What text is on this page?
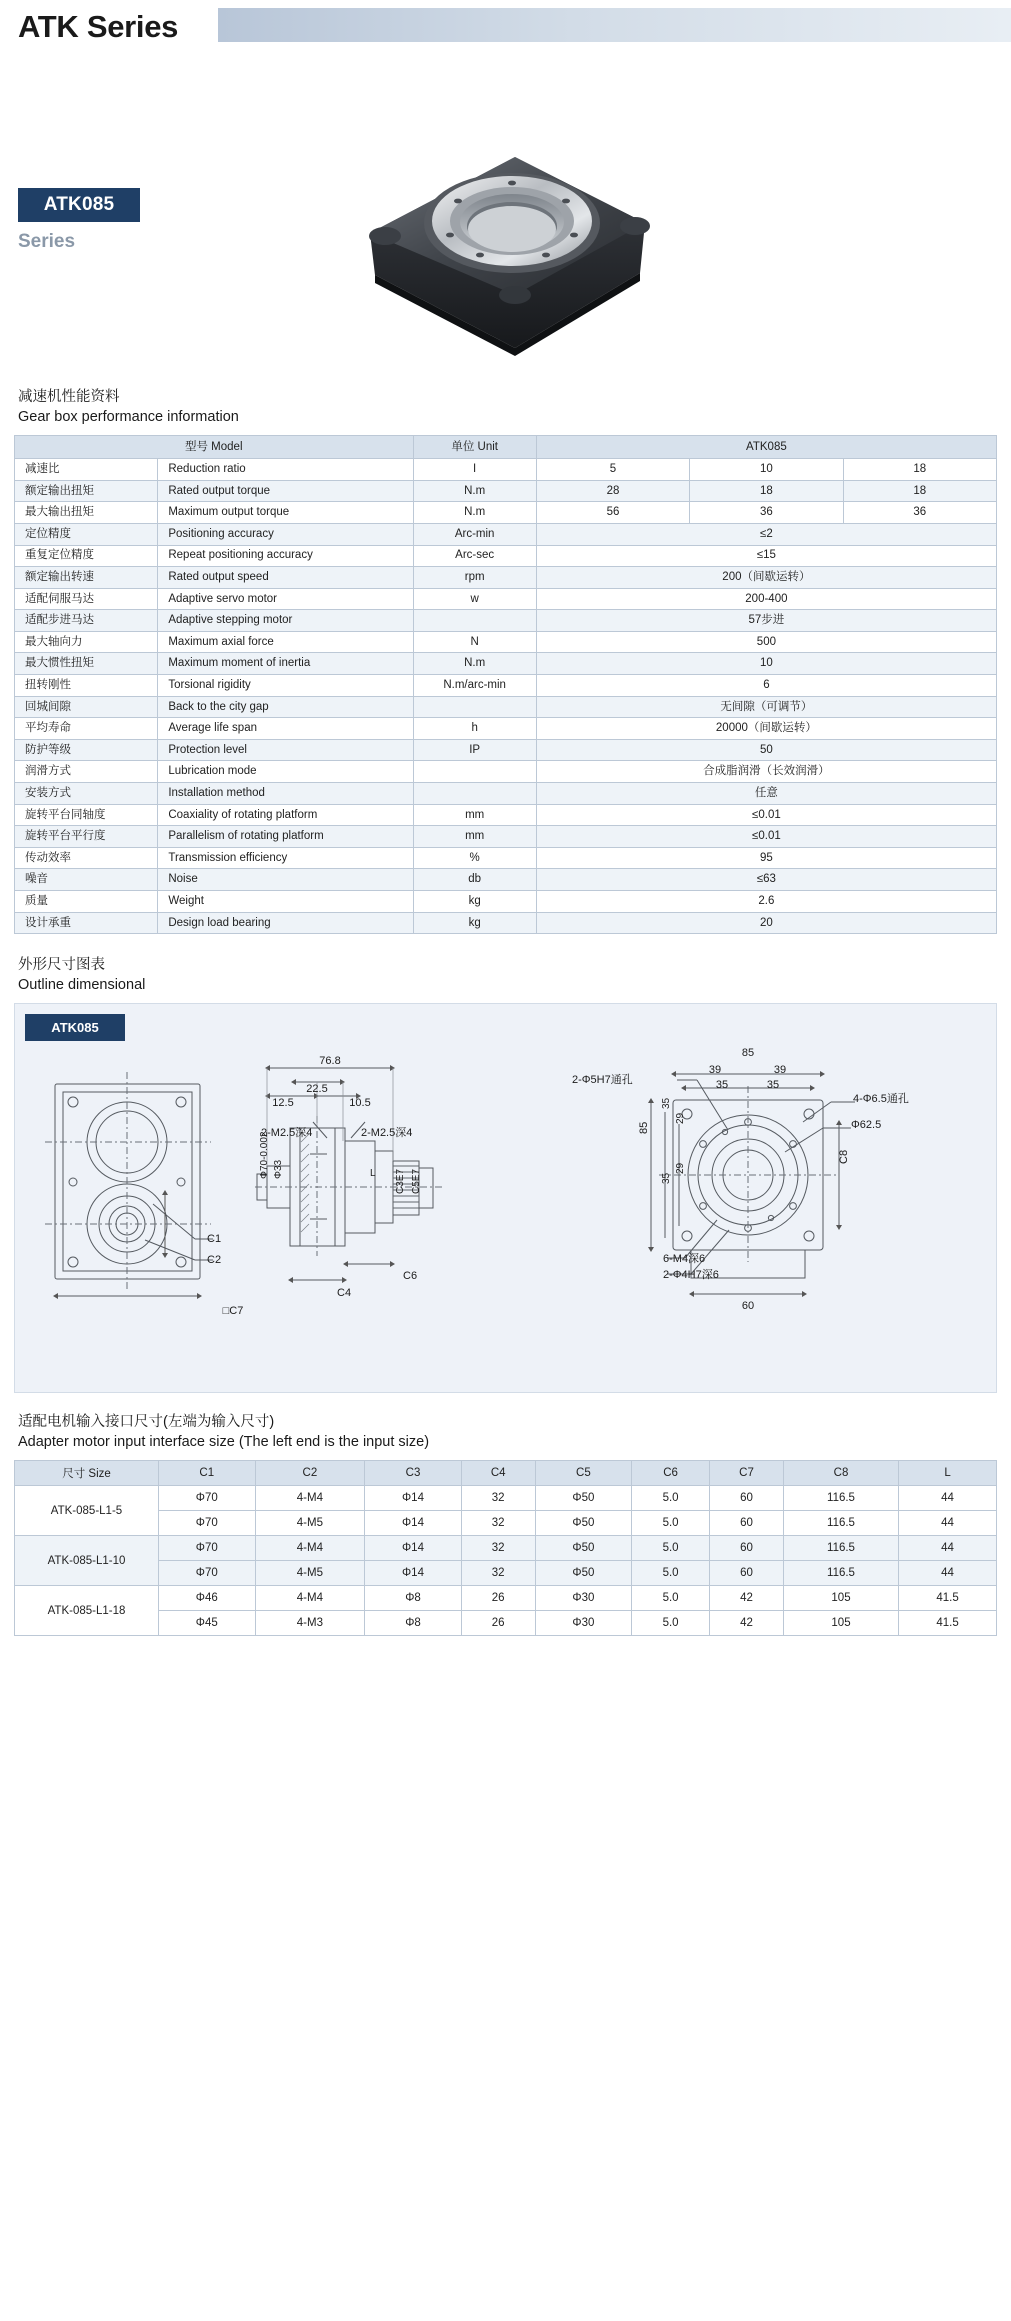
ATK Series
ATK085
Series
减速机性能资料
Gear box performance information
型号 Model		单位 Unit	ATK085		
减速比	Reduction ratio	I	5	10	18
额定输出扭矩	Rated output torque	N.m	28	18	18
最大输出扭矩	Maximum output torque	N.m	56	36	36
定位精度	Positioning accuracy	Arc-min	≤2		
重复定位精度	Repeat positioning accuracy	Arc-sec	≤15		
额定输出转速	Rated output speed	rpm	200（间歇运转）		
适配伺服马达	Adaptive servo motor	w	200-400		
适配步进马达	Adaptive stepping motor		57步进		
最大轴向力	Maximum axial force	N	500		
最大惯性扭矩	Maximum moment of inertia	N.m	10		
扭转刚性	Torsional rigidity	N.m/arc-min	6		
回城间隙	Back to the city gap		无间隙（可调节）		
平均寿命	Average life span	h	20000（间歇运转）		
防护等级	Protection level	IP	50		
润滑方式	Lubrication mode		合成脂润滑（长效润滑）		
安装方式	Installation method		任意		
旋转平台同轴度	Coaxiality of rotating platform	mm	≤0.01		
旋转平台平行度	Parallelism of rotating platform	mm	≤0.01		
传动效率	Transmission efficiency	%	95		
噪音	Noise	db	≤63		
质量	Weight	kg	2.6		
设计承重	Design load bearing	kg	20		
外形尺寸图表
Outline dimensional
ATK085
C1
C2
□C7
L
76.8
22.5
12.5	10.5
2-M2.5深4	2-M2.5深4
Φ70-0.002 Φ33	C3E7 C5E7
C6
C4
85
39	39
35	35
85
35
35
29
29
C8
2-Φ5H7通孔
4-Φ6.5通孔
Φ62.5
6-M4深6
2-Φ4H7深6
60
适配电机输入接口尺寸(左端为输入尺寸)
Adapter motor input interface size (The left end is the input size)
尺寸 Size	C1	C2	C3	C4	C5	C6	C7	C8	L
ATK-085-L1-5	Φ70	4-M4	Φ14	32	Φ50	5.0	60	116.5	44
	Φ70	4-M5	Φ14	32	Φ50	5.0	60	116.5	44
ATK-085-L1-10	Φ70	4-M4	Φ14	32	Φ50	5.0	60	116.5	44
	Φ70	4-M5	Φ14	32	Φ50	5.0	60	116.5	44
ATK-085-L1-18	Φ46	4-M4	Φ8	26	Φ30	5.0	42	105	41.5
	Φ45	4-M3	Φ8	26	Φ30	5.0	42	105	41.5
